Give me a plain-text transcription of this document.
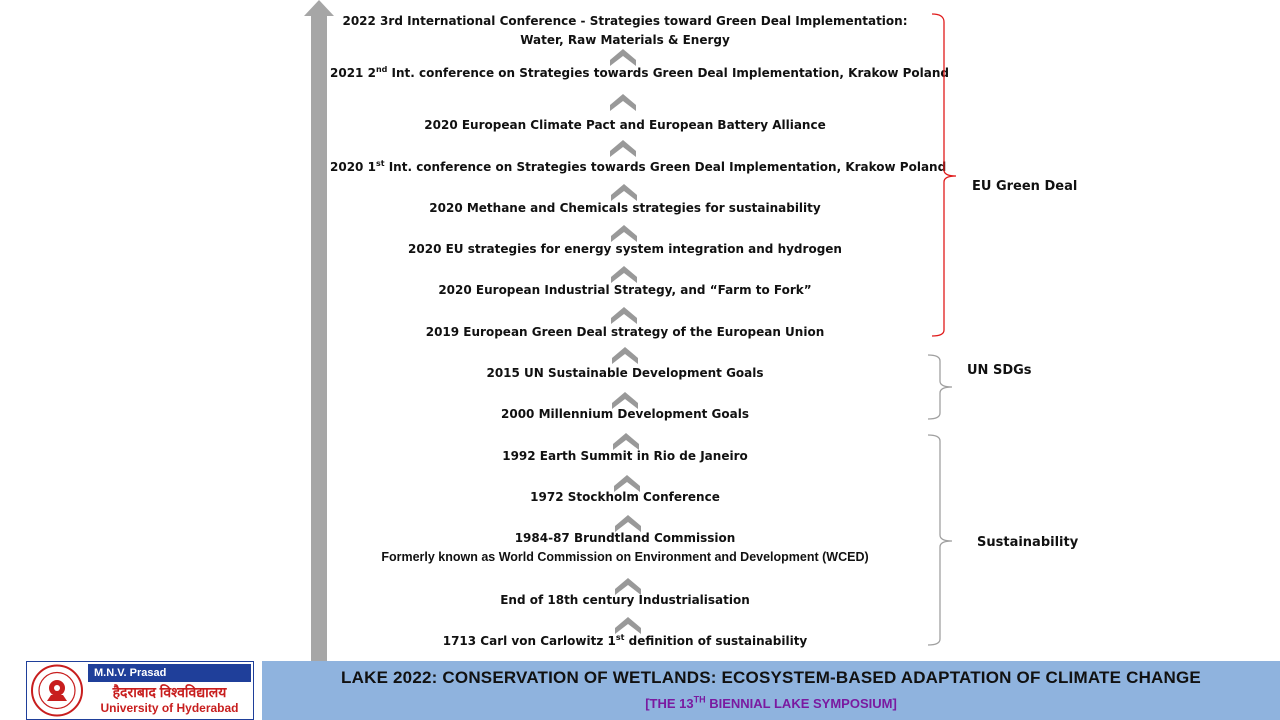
2022 3rd International Conference - Strategies toward Green Deal Implementation:
Water, Raw Materials & Energy
2021 2nd Int. conference on Strategies towards Green Deal Implementation, Krakow Poland
2020 European Climate Pact and European Battery Alliance
2020 1st Int. conference on Strategies towards Green Deal Implementation, Krakow Poland
2020 Methane and Chemicals strategies for sustainability
2020 EU strategies for energy system integration and hydrogen
2020 European Industrial Strategy, and “Farm to Fork”
2019 European Green Deal strategy of the European Union
2015 UN Sustainable Development Goals
2000 Millennium Development Goals
1992 Earth Summit in Rio de Janeiro
1972 Stockholm Conference
1984-87 Brundtland Commission
Formerly known as World Commission on Environment and Development (WCED)
End of 18th century Industrialisation
1713 Carl von Carlowitz 1st definition of sustainability
EU Green Deal
UN SDGs
Sustainability
M.N.V. Prasad
हैदराबाद विश्वविद्यालय
University of Hyderabad
LAKE 2022: CONSERVATION OF WETLANDS: ECOSYSTEM-BASED ADAPTATION OF CLIMATE CHANGE
[THE 13TH BIENNIAL LAKE SYMPOSIUM]
